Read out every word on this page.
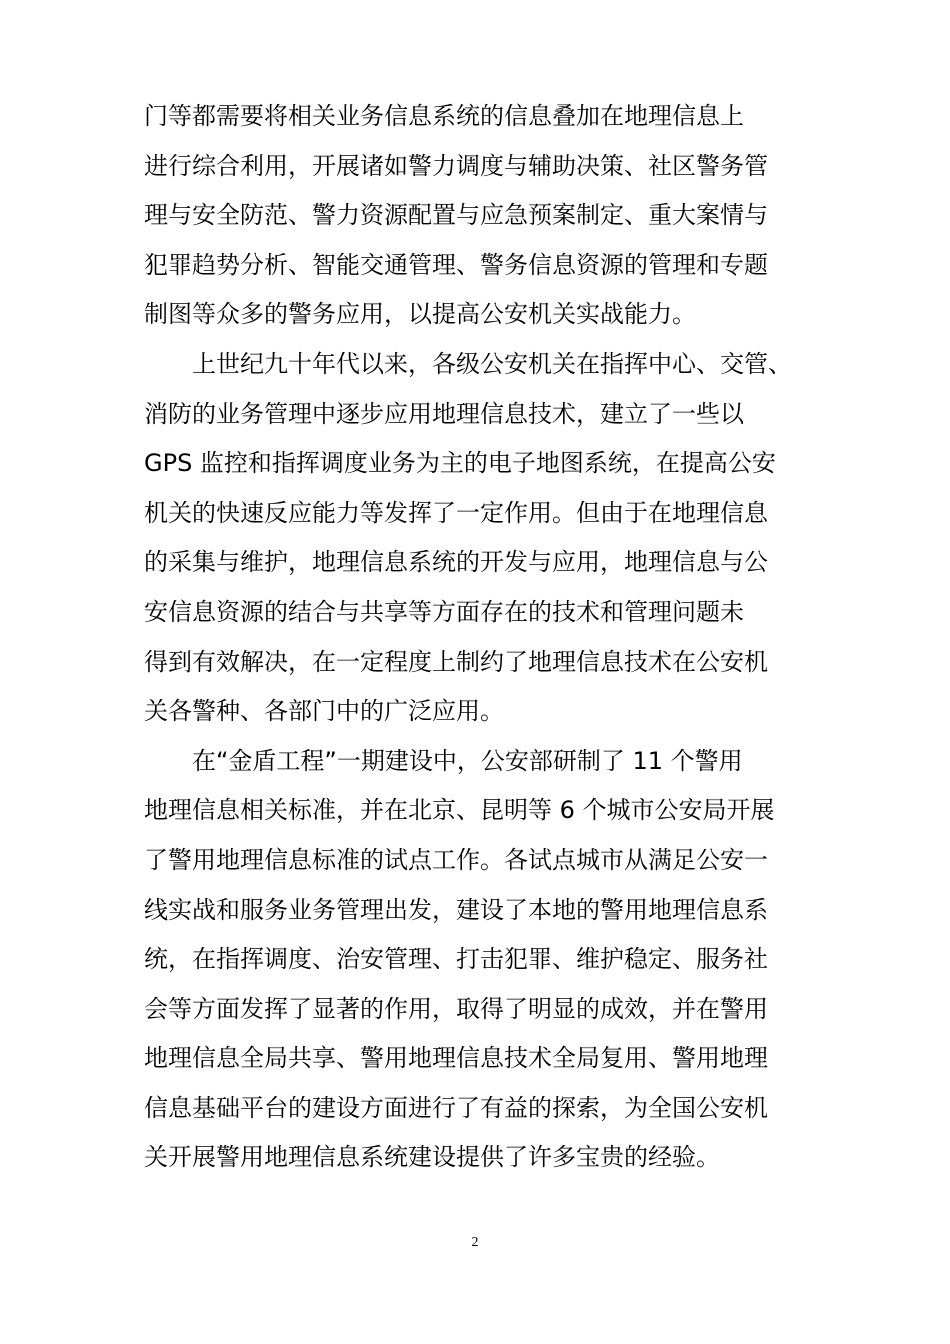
门等都需要将相关业务信息系统的信息叠加在地理信息上
进行综合利用，开展诸如警力调度与辅助决策、社区警务管
理与安全防范、警力资源配置与应急预案制定、重大案情与
犯罪趋势分析、智能交通管理、警务信息资源的管理和专题
制图等众多的警务应用，以提高公安机关实战能力。
上世纪九十年代以来，各级公安机关在指挥中心、交管、
消防的业务管理中逐步应用地理信息技术，建立了一些以
GPS 监控和指挥调度业务为主的电子地图系统，在提高公安
机关的快速反应能力等发挥了一定作用。但由于在地理信息
的采集与维护，地理信息系统的开发与应用，地理信息与公
安信息资源的结合与共享等方面存在的技术和管理问题未
得到有效解决，在一定程度上制约了地理信息技术在公安机
关各警种、各部门中的广泛应用。
在“金盾工程”一期建设中，公安部研制了 11 个警用
地理信息相关标准，并在北京、昆明等 6 个城市公安局开展
了警用地理信息标准的试点工作。各试点城市从满足公安一
线实战和服务业务管理出发，建设了本地的警用地理信息系
统，在指挥调度、治安管理、打击犯罪、维护稳定、服务社
会等方面发挥了显著的作用，取得了明显的成效，并在警用
地理信息全局共享、警用地理信息技术全局复用、警用地理
信息基础平台的建设方面进行了有益的探索，为全国公安机
关开展警用地理信息系统建设提供了许多宝贵的经验。
2
